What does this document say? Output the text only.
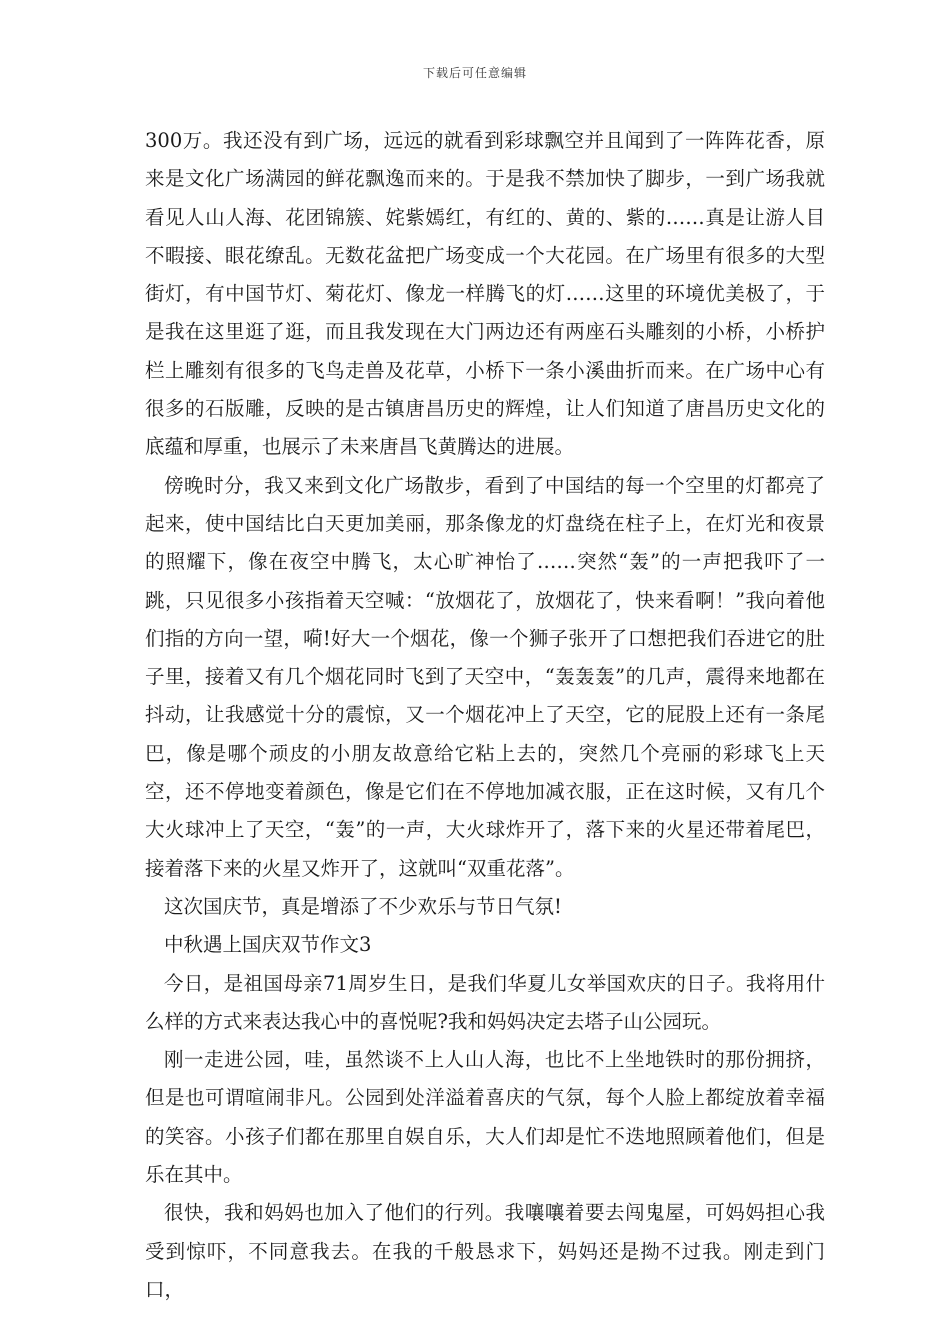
下载后可任意编辑

300万。我还没有到广场，远远的就看到彩球飘空并且闻到了一阵阵花香，原来是文化广场满园的鲜花飘逸而来的。于是我不禁加快了脚步，一到广场我就看见人山人海、花团锦簇、姹紫嫣红，有红的、黄的、紫的……真是让游人目不暇接、眼花缭乱。无数花盆把广场变成一个大花园。在广场里有很多的大型街灯，有中国节灯、菊花灯、像龙一样腾飞的灯……这里的环境优美极了，于是我在这里逛了逛，而且我发现在大门两边还有两座石头雕刻的小桥，小桥护栏上雕刻有很多的飞鸟走兽及花草，小桥下一条小溪曲折而来。在广场中心有很多的石版雕，反映的是古镇唐昌历史的辉煌，让人们知道了唐昌历史文化的底蕴和厚重，也展示了未来唐昌飞黄腾达的进展。

傍晚时分，我又来到文化广场散步，看到了中国结的每一个空里的灯都亮了起来，使中国结比白天更加美丽，那条像龙的灯盘绕在柱子上，在灯光和夜景的照耀下，像在夜空中腾飞，太心旷神怡了……突然“轰”的一声把我吓了一跳，只见很多小孩指着天空喊：“放烟花了，放烟花了，快来看啊！”我向着他们指的方向一望，嗬!好大一个烟花，像一个狮子张开了口想把我们吞进它的肚子里，接着又有几个烟花同时飞到了天空中，“轰轰轰”的几声，震得来地都在抖动，让我感觉十分的震惊，又一个烟花冲上了天空，它的屁股上还有一条尾巴，像是哪个顽皮的小朋友故意给它粘上去的，突然几个亮丽的彩球飞上天空，还不停地变着颜色，像是它们在不停地加减衣服，正在这时候，又有几个大火球冲上了天空，“轰”的一声，大火球炸开了，落下来的火星还带着尾巴，接着落下来的火星又炸开了，这就叫“双重花落”。

这次国庆节，真是增添了不少欢乐与节日气氛!

中秋遇上国庆双节作文3

今日，是祖国母亲71周岁生日，是我们华夏儿女举国欢庆的日子。我将用什么样的方式来表达我心中的喜悦呢?我和妈妈决定去塔子山公园玩。

刚一走进公园，哇，虽然谈不上人山人海，也比不上坐地铁时的那份拥挤，但是也可谓喧闹非凡。公园到处洋溢着喜庆的气氛，每个人脸上都绽放着幸福的笑容。小孩子们都在那里自娱自乐，大人们却是忙不迭地照顾着他们，但是乐在其中。

很快，我和妈妈也加入了他们的行列。我嚷嚷着要去闯鬼屋，可妈妈担心我受到惊吓，不同意我去。在我的千般恳求下，妈妈还是拗不过我。刚走到门口，
